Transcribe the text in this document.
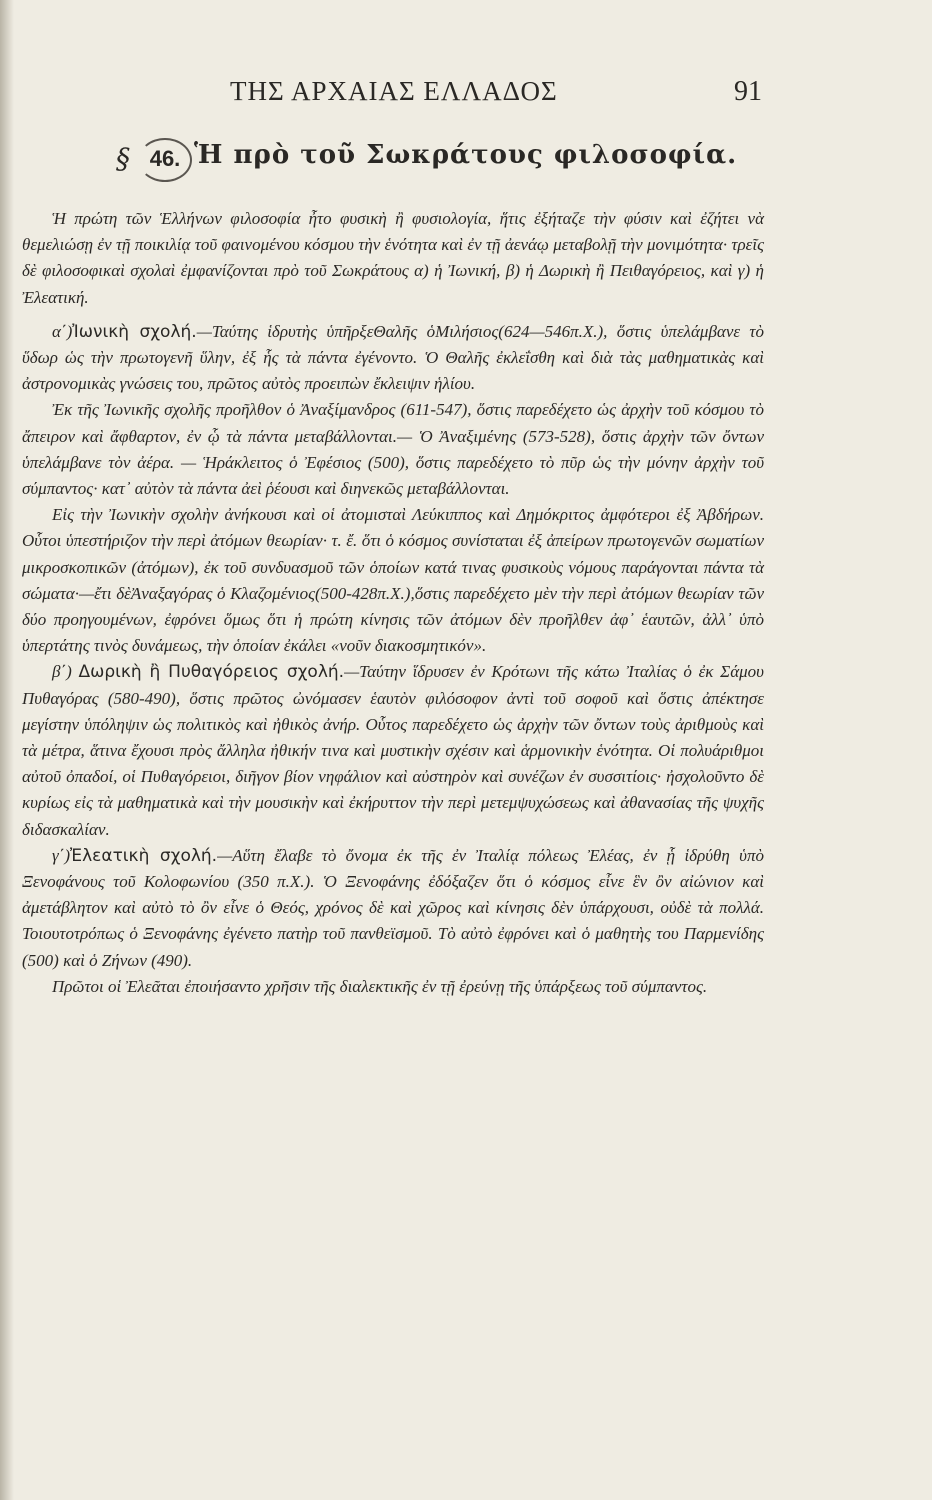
ΤΗΣ ΑΡΧΑΙΑΣ ΕΛΛΑΔΟΣ	91
§ 46. Ἡ πρὸ τοῦ Σωκράτους φιλοσοφία.

Ἡ πρώτη τῶν Ἑλλήνων φιλοσοφία ἦτο φυσικὴ ἢ φυσιολογία, ἥτις ἐξήταζε τὴν φύσιν καὶ ἐζήτει νὰ θεμελιώσῃ ἐν τῇ ποικιλίᾳ τοῦ φαινομένου κόσμου τὴν ἑνότητα καὶ ἐν τῇ ἀενάῳ μεταβολῇ τὴν μονιμότητα· τρεῖς δὲ φιλοσοφικαὶ σχολαὶ ἐμφανίζονται πρὸ τοῦ Σωκράτους α) ἡ Ἰωνική, β) ἡ Δωρικὴ ἢ Πειθαγόρειος, καὶ γ) ἡ Ἐλεατική.

α΄)Ἰωνικὴ σχολή.—Ταύτης ἱδρυτὴς ὑπῆρξεΘαλῆς ὁΜιλήσιος(624—546π.Χ.), ὅστις ὑπελάμβανε τὸ ὕδωρ ὡς τὴν πρωτογενῆ ὕλην, ἐξ ἧς τὰ πάντα ἐγένοντο. Ὁ Θαλῆς ἐκλεΐσθη καὶ διὰ τὰς μαθηματικὰς καὶ ἀστρονομικὰς γνώσεις του, πρῶτος αὐτὸς προειπὼν ἔκλειψιν ἡλίου.

Ἐκ τῆς Ἰωνικῆς σχολῆς προῆλθον ὁ Ἀναξίμανδρος (611-547), ὅστις παρεδέχετο ὡς ἀρχὴν τοῦ κόσμου τὸ ἄπειρον καὶ ἄφθαρτον, ἐν ᾧ τὰ πάντα μεταβάλλονται.— Ὁ Ἀναξιμένης (573-528), ὅστις ἀρχὴν τῶν ὄντων ὑπελάμβανε τὸν ἀέρα. — Ἡράκλειτος ὁ Ἐφέσιος (500), ὅστις παρεδέχετο τὸ πῦρ ὡς τὴν μόνην ἀρχὴν τοῦ σύμπαντος· κατ᾽ αὐτὸν τὰ πάντα ἀεὶ ῥέουσι καὶ διηνεκῶς μεταβάλλονται.

Εἰς τὴν Ἰωνικὴν σχολὴν ἀνήκουσι καὶ οἱ ἀτομισταὶ Λεύκιππος καὶ Δημόκριτος ἀμφότεροι ἐξ Ἀβδήρων. Οὗτοι ὑπεστήριζον τὴν περὶ ἀτόμων θεωρίαν· τ. ἔ. ὅτι ὁ κόσμος συνίσταται ἐξ ἀπείρων πρωτογενῶν σωματίων μικροσκοπικῶν (ἀτόμων), ἐκ τοῦ συνδυασμοῦ τῶν ὁποίων κατά τινας φυσικοὺς νόμους παράγονται πάντα τὰ σώματα·—ἔτι δὲἈναξαγόρας ὁ Κλαζομένιος(500-428π.Χ.),ὅστις παρεδέχετο μὲν τὴν περὶ ἀτόμων θεωρίαν τῶν δύο προηγουμένων, ἐφρόνει ὅμως ὅτι ἡ πρώτη κίνησις τῶν ἀτόμων δὲν προῆλθεν ἀφ᾽ ἑαυτῶν, ἀλλ᾽ ὑπὸ ὑπερτάτης τινὸς δυνάμεως, τὴν ὁποίαν ἐκάλει «νοῦν διακοσμητικόν».

β΄) Δωρικὴ ἢ Πυθαγόρειος σχολή.—Ταύτην ἵδρυσεν ἐν Κρότωνι τῆς κάτω Ἰταλίας ὁ ἐκ Σάμου Πυθαγόρας (580-490), ὅστις πρῶτος ὠνόμασεν ἑαυτὸν φιλόσοφον ἀντὶ τοῦ σοφοῦ καὶ ὅστις ἀπέκτησε μεγίστην ὑπόληψιν ὡς πολιτικὸς καὶ ἠθικὸς ἀνήρ. Οὗτος παρεδέχετο ὡς ἀρχὴν τῶν ὄντων τοὺς ἀριθμοὺς καὶ τὰ μέτρα, ἅτινα ἔχουσι πρὸς ἄλληλα ἠθικήν τινα καὶ μυστικὴν σχέσιν καὶ ἁρμονικὴν ἑνότητα. Οἱ πολυάριθμοι αὐτοῦ ὀπαδοί, οἱ Πυθαγόρειοι, διῆγον βίον νηφάλιον καὶ αὐστηρὸν καὶ συνέζων ἐν συσσιτίοις· ἠσχολοῦντο δὲ κυρίως εἰς τὰ μαθηματικὰ καὶ τὴν μουσικὴν καὶ ἐκήρυττον τὴν περὶ μετεμψυχώσεως καὶ ἀθανασίας τῆς ψυχῆς διδασκαλίαν.

γ΄)Ἐλεατικὴ σχολή.—Αὕτη ἔλαβε τὸ ὄνομα ἐκ τῆς ἐν Ἰταλίᾳ πόλεως Ἐλέας, ἐν ᾗ ἱδρύθη ὑπὸ Ξενοφάνους τοῦ Κολοφωνίου (350 π.Χ.). Ὁ Ξενοφάνης ἐδόξαζεν ὅτι ὁ κόσμος εἶνε ἓν ὂν αἰώνιον καὶ ἀμετάβλητον καὶ αὐτὸ τὸ ὂν εἶνε ὁ Θεός, χρόνος δὲ καὶ χῶρος καὶ κίνησις δὲν ὑπάρχουσι, οὐδὲ τὰ πολλά. Τοιουτοτρόπως ὁ Ξενοφάνης ἐγένετο πατὴρ τοῦ πανθεϊσμοῦ. Τὸ αὐτὸ ἐφρόνει καὶ ὁ μαθητὴς του Παρμενίδης (500) καὶ ὁ Ζήνων (490).

Πρῶτοι οἱ Ἐλεᾶται ἐποιήσαντο χρῆσιν τῆς διαλεκτικῆς ἐν τῇ ἐρεύνῃ τῆς ὑπάρξεως τοῦ σύμπαντος.
